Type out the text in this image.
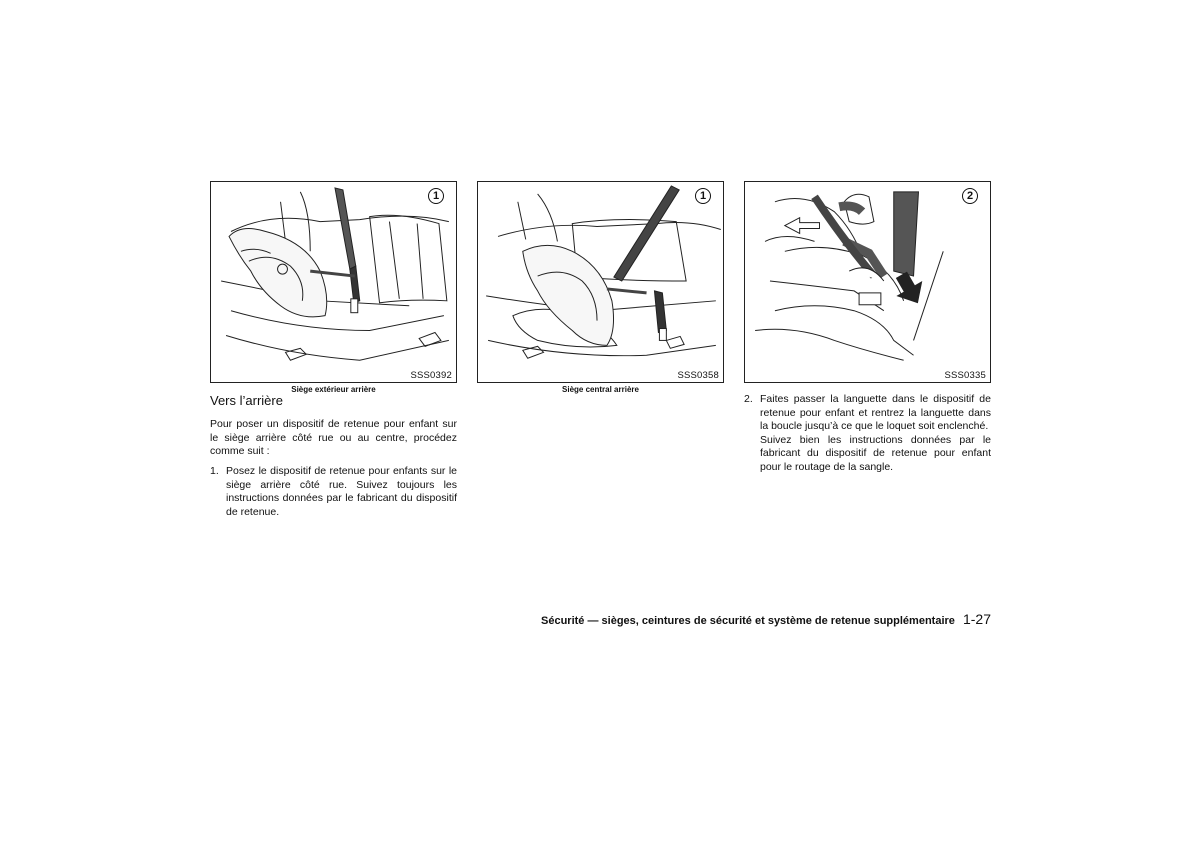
1
SSS0392
Siège extérieur arrière
1
SSS0358
Siège central arrière
2
SSS0335
Vers l’arrière

Pour poser un dispositif de retenue pour enfant sur le siège arrière côté rue ou au centre, procédez comme suit :

1. Posez le dispositif de retenue pour enfants sur le siège arrière côté rue. Suivez toujours les instructions données par le fabricant du dispositif de retenue.
2. Faites passer la languette dans le dispositif de retenue pour enfant et rentrez la languette dans la boucle jusqu’à ce que le loquet soit enclenché.
Suivez bien les instructions données par le fabricant du dispositif de retenue pour enfant pour le routage de la sangle.
Sécurité — sièges, ceintures de sécurité et système de retenue supplémentaire 1-27
